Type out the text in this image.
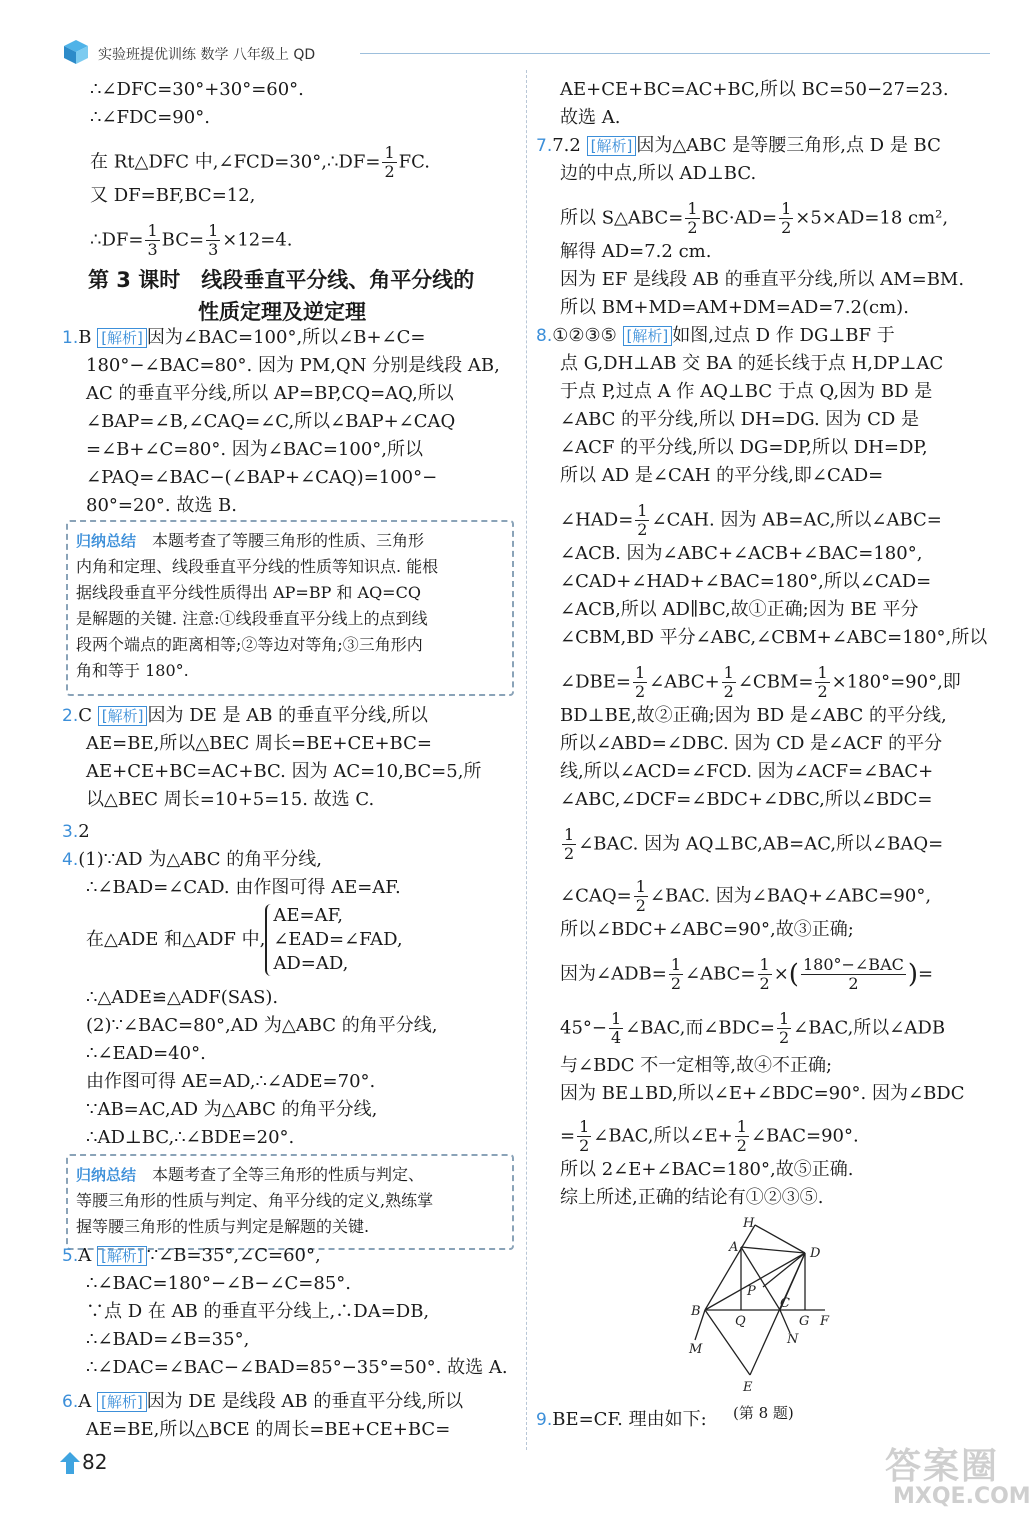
实验班提优训练 数学 八年级上 QD
∴∠DFC=30°+30°=60°.
∴∠FDC=90°.
在 Rt△DFC 中,∠FCD=30°,∴DF= $\frac{1}{2}$ FC.
又 DF=BF,BC=12,
∴DF= $\frac{1}{3} BC= \frac{1}{3} \times 12=4$.
第 3 课时　线段垂直平分线、角平分线的
性质定理及逆定理
1.B [解析] 因为∠BAC=100°,所以∠B+∠C=
180°−∠BAC=80°. 因为 PM,QN 分别是线段 AB,
AC 的垂直平分线,所以 AP=BP,CQ=AQ,所以
∠BAP=∠B,∠CAQ=∠C,所以∠BAP+∠CAQ
=∠B+∠C=80°. 因为∠BAC=100°,所以
∠PAQ=∠BAC−(∠BAP+∠CAQ)=100°−
80°=20°. 故选 B.
归纳总结　 本题考查了等腰三角形的性质、三角形
内角和定理、线段垂直平分线的性质等知识点. 能根
据线段垂直平分线性质得出 AP=BP 和 AQ=CQ
是解题的关键. 注意:①线段垂直平分线上的点到线
段两个端点的距离相等;②等边对等角;③三角形内
角和等于 180°.
2.C [解析] 因为 DE 是 AB 的垂直平分线,所以
AE=BE,所以△BEC 周长=BE+CE+BC=
AE+CE+BC=AC+BC. 因为 AC=10,BC=5,所
以△BEC 周长=10+5=15. 故选 C.
3.2
4.(1)∵AD 为△ABC 的角平分线,
∴∠BAD=∠CAD. 由作图可得 AE=AF.
在△ADE 和△ADF 中,
AE=AF,
∠EAD=∠FAD,
AD=AD,
∴△ADE≌△ADF(SAS).
(2)∵∠BAC=80°,AD 为△ABC 的角平分线,
∴∠EAD=40°.
由作图可得 AE=AD,∴∠ADE=70°.
∵AB=AC,AD 为△ABC 的角平分线,
∴AD⊥BC,∴∠BDE=20°.
归纳总结　 本题考查了全等三角形的性质与判定、
等腰三角形的性质与判定、角平分线的定义,熟练掌
握等腰三角形的性质与判定是解题的关键.
5.A [解析] ∵∠B=35°,∠C=60°,
∴∠BAC=180°−∠B−∠C=85°.
∵点 D 在 AB 的垂直平分线上,∴DA=DB,
∴∠BAD=∠B=35°,
∴∠DAC=∠BAC−∠BAD=85°−35°=50°. 故选 A.
6.A [解析] 因为 DE 是线段 AB 的垂直平分线,所以
AE=BE,所以△BCE 的周长=BE+CE+BC=
AE+CE+BC=AC+BC,所以 BC=50−27=23.
故选 A.
7.7.2 [解析] 因为△ABC 是等腰三角形,点 D 是 BC
边的中点,所以 AD⊥BC.
所以 S△ABC= $\frac{1}{2} BC\cdot AD= \frac{1}{2} \times 5\times AD=18$ cm²,
解得 AD=7.2 cm.
因为 EF 是线段 AB 的垂直平分线,所以 AM=BM.
所以 BM+MD=AM+DM=AD=7.2(cm).
8.①②③⑤ [解析] 如图,过点 D 作 DG⊥BF 于
点 G,DH⊥AB 交 BA 的延长线于点 H,DP⊥AC
于点 P,过点 A 作 AQ⊥BC 于点 Q,因为 BD 是
∠ABC 的平分线,所以 DH=DG. 因为 CD 是
∠ACF 的平分线,所以 DG=DP,所以 DH=DP,
所以 AD 是∠CAH 的平分线,即∠CAD=
∠HAD= $\frac{1}{2}$ ∠CAH. 因为 AB=AC,所以∠ABC=
∠ACB. 因为∠ABC+∠ACB+∠BAC=180°,
∠CAD+∠HAD+∠BAC=180°,所以∠CAD=
∠ACB,所以 AD∥BC,故①正确;因为 BE 平分
∠CBM,BD 平分∠ABC,∠CBM+∠ABC=180°,所以
∠DBE= $\frac{1}{2}$ ∠ABC+ $\frac{1}{2}$ ∠CBM= $\frac{1}{2} \times 180^\circ=90^\circ$,即
BD⊥BE,故②正确;因为 BD 是∠ABC 的平分线,
所以∠ABD=∠DBC. 因为 CD 是∠ACF 的平分
线,所以∠ACD=∠FCD. 因为∠ACF=∠BAC+
∠ABC,∠DCF=∠BDC+∠DBC,所以∠BDC=
$\frac{1}{2}$ ∠BAC. 因为 AQ⊥BC,AB=AC,所以∠BAQ=
∠CAQ= $\frac{1}{2}$ ∠BAC. 因为∠BAQ+∠ABC=90°,
所以∠BDC+∠ABC=90°,故③正确;
因为∠ADB= $\frac{1}{2}$ ∠ABC= $\frac{1}{2}$ ×( $\frac{\text{180°−∠BAC}}{2}$ )=
$45^\circ- \frac{1}{4}$ ∠BAC,而∠BDC= $\frac{1}{2}$ ∠BAC,所以∠ADB
与∠BDC 不一定相等,故④不正确;
因为 BE⊥BD,所以∠E+∠BDC=90°. 因为∠BDC
= $\frac{1}{2}$ ∠BAC,所以∠E+ $\frac{1}{2}$ ∠BAC=90°.
所以 2∠E+∠BAC=180°,故⑤正确.
综上所述,正确的结论有①②③⑤.
9.BE=CF. 理由如下:
H
A	D
P
B
Q
C
G F
M
N
E
(第 8 题)
82	答案圈
MXQE.COM
